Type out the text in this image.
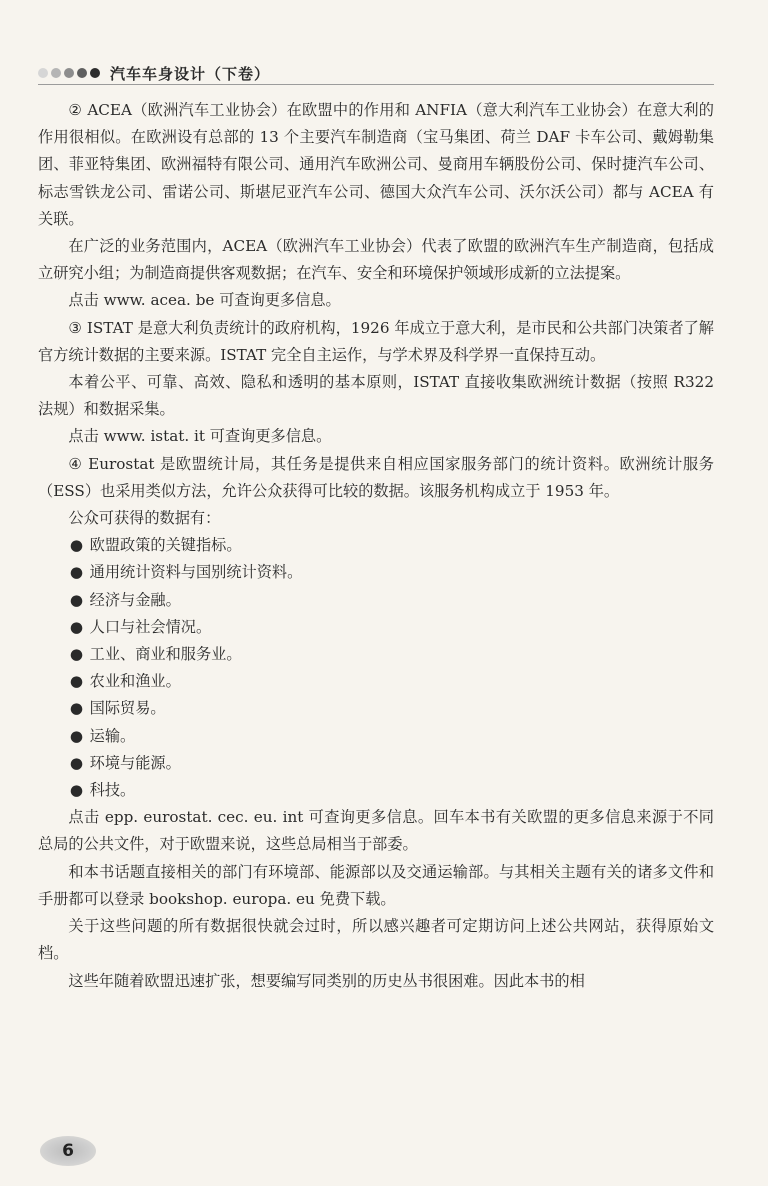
汽车车身设计（下卷）

② ACEA（欧洲汽车工业协会）在欧盟中的作用和 ANFIA（意大利汽车工业协会）在意大利的作用很相似。在欧洲设有总部的 13 个主要汽车制造商（宝马集团、荷兰 DAF 卡车公司、戴姆勒集团、菲亚特集团、欧洲福特有限公司、通用汽车欧洲公司、曼商用车辆股份公司、保时捷汽车公司、标志雪铁龙公司、雷诺公司、斯堪尼亚汽车公司、德国大众汽车公司、沃尔沃公司）都与 ACEA 有关联。

在广泛的业务范围内，ACEA（欧洲汽车工业协会）代表了欧盟的欧洲汽车生产制造商，包括成立研究小组；为制造商提供客观数据；在汽车、安全和环境保护领域形成新的立法提案。

点击 www. acea. be 可查询更多信息。

③ ISTAT 是意大利负责统计的政府机构，1926 年成立于意大利，是市民和公共部门决策者了解官方统计数据的主要来源。ISTAT 完全自主运作，与学术界及科学界一直保持互动。

本着公平、可靠、高效、隐私和透明的基本原则，ISTAT 直接收集欧洲统计数据（按照 R322 法规）和数据采集。

点击 www. istat. it 可查询更多信息。

④ Eurostat 是欧盟统计局，其任务是提供来自相应国家服务部门的统计资料。欧洲统计服务（ESS）也采用类似方法，允许公众获得可比较的数据。该服务机构成立于 1953 年。

公众可获得的数据有：

● 欧盟政策的关键指标。
● 通用统计资料与国别统计资料。
● 经济与金融。
● 人口与社会情况。
● 工业、商业和服务业。
● 农业和渔业。
● 国际贸易。
● 运输。
● 环境与能源。
● 科技。

点击 epp. eurostat. cec. eu. int 可查询更多信息。回车本书有关欧盟的更多信息来源于不同总局的公共文件，对于欧盟来说，这些总局相当于部委。

和本书话题直接相关的部门有环境部、能源部以及交通运输部。与其相关主题有关的诸多文件和手册都可以登录 bookshop. europa. eu 免费下载。

关于这些问题的所有数据很快就会过时，所以感兴趣者可定期访问上述公共网站，获得原始文档。

这些年随着欧盟迅速扩张，想要编写同类别的历史丛书很困难。因此本书的相

6
